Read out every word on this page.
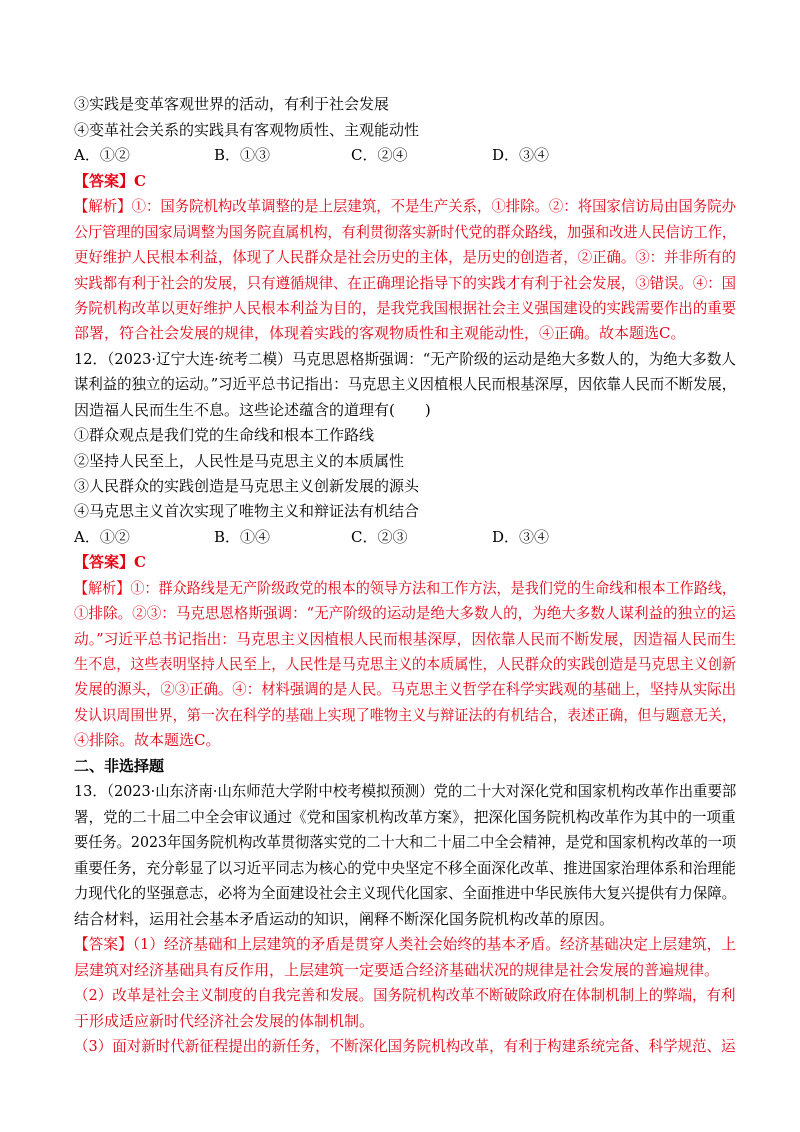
③实践是变革客观世界的活动，有利于社会发展
④变革社会关系的实践具有客观物质性、主观能动性
A．①②	B．①③	C．②④	D．③④
【答案】C
【解析】①：国务院机构改革调整的是上层建筑，不是生产关系，①排除。②：将国家信访局由国务院办
公厅管理的国家局调整为国务院直属机构，有利贯彻落实新时代党的群众路线，加强和改进人民信访工作，
更好维护人民根本利益，体现了人民群众是社会历史的主体，是历史的创造者，②正确。③：并非所有的
实践都有利于社会的发展，只有遵循规律、在正确理论指导下的实践才有利于社会发展，③错误。④：国
务院机构改革以更好维护人民根本利益为目的，是我党我国根据社会主义强国建设的实践需要作出的重要
部署，符合社会发展的规律，体现着实践的客观物质性和主观能动性，④正确。故本题选C。
12．（2023·辽宁大连·统考二模）马克思恩格斯强调：“无产阶级的运动是绝大多数人的，为绝大多数人
谋利益的独立的运动。”习近平总书记指出：马克思主义因植根人民而根基深厚，因依靠人民而不断发展，
因造福人民而生生不息。这些论述蕴含的道理有(　　)
①群众观点是我们党的生命线和根本工作路线
②坚持人民至上，人民性是马克思主义的本质属性
③人民群众的实践创造是马克思主义创新发展的源头
④马克思主义首次实现了唯物主义和辩证法有机结合
A．①②	B．①④	C．②③	D．③④
【答案】C
【解析】①：群众路线是无产阶级政党的根本的领导方法和工作方法，是我们党的生命线和根本工作路线，
①排除。②③：马克思恩格斯强调：“无产阶级的运动是绝大多数人的，为绝大多数人谋利益的独立的运
动。”习近平总书记指出：马克思主义因植根人民而根基深厚，因依靠人民而不断发展，因造福人民而生
生不息，这些表明坚持人民至上，人民性是马克思主义的本质属性，人民群众的实践创造是马克思主义创新
发展的源头，②③正确。④：材料强调的是人民。马克思主义哲学在科学实践观的基础上，坚持从实际出
发认识周围世界，第一次在科学的基础上实现了唯物主义与辩证法的有机结合，表述正确，但与题意无关，
④排除。故本题选C。
二、非选择题
13．（2023·山东济南·山东师范大学附中校考模拟预测）党的二十大对深化党和国家机构改革作出重要部
署，党的二十届二中全会审议通过《党和国家机构改革方案》，把深化国务院机构改革作为其中的一项重
要任务。2023年国务院机构改革贯彻落实党的二十大和二十届二中全会精神，是党和国家机构改革的一项
重要任务，充分彰显了以习近平同志为核心的党中央坚定不移全面深化改革、推进国家治理体系和治理能
力现代化的坚强意志，必将为全面建设社会主义现代化国家、全面推进中华民族伟大复兴提供有力保障。
结合材料，运用社会基本矛盾运动的知识，阐释不断深化国务院机构改革的原因。
【答案】（1）经济基础和上层建筑的矛盾是贯穿人类社会始终的基本矛盾。经济基础决定上层建筑，上
层建筑对经济基础具有反作用，上层建筑一定要适合经济基础状况的规律是社会发展的普遍规律。
（2）改革是社会主义制度的自我完善和发展。国务院机构改革不断破除政府在体制机制上的弊端，有利
于形成适应新时代经济社会发展的体制机制。
（3）面对新时代新征程提出的新任务，不断深化国务院机构改革，有利于构建系统完备、科学规范、运
